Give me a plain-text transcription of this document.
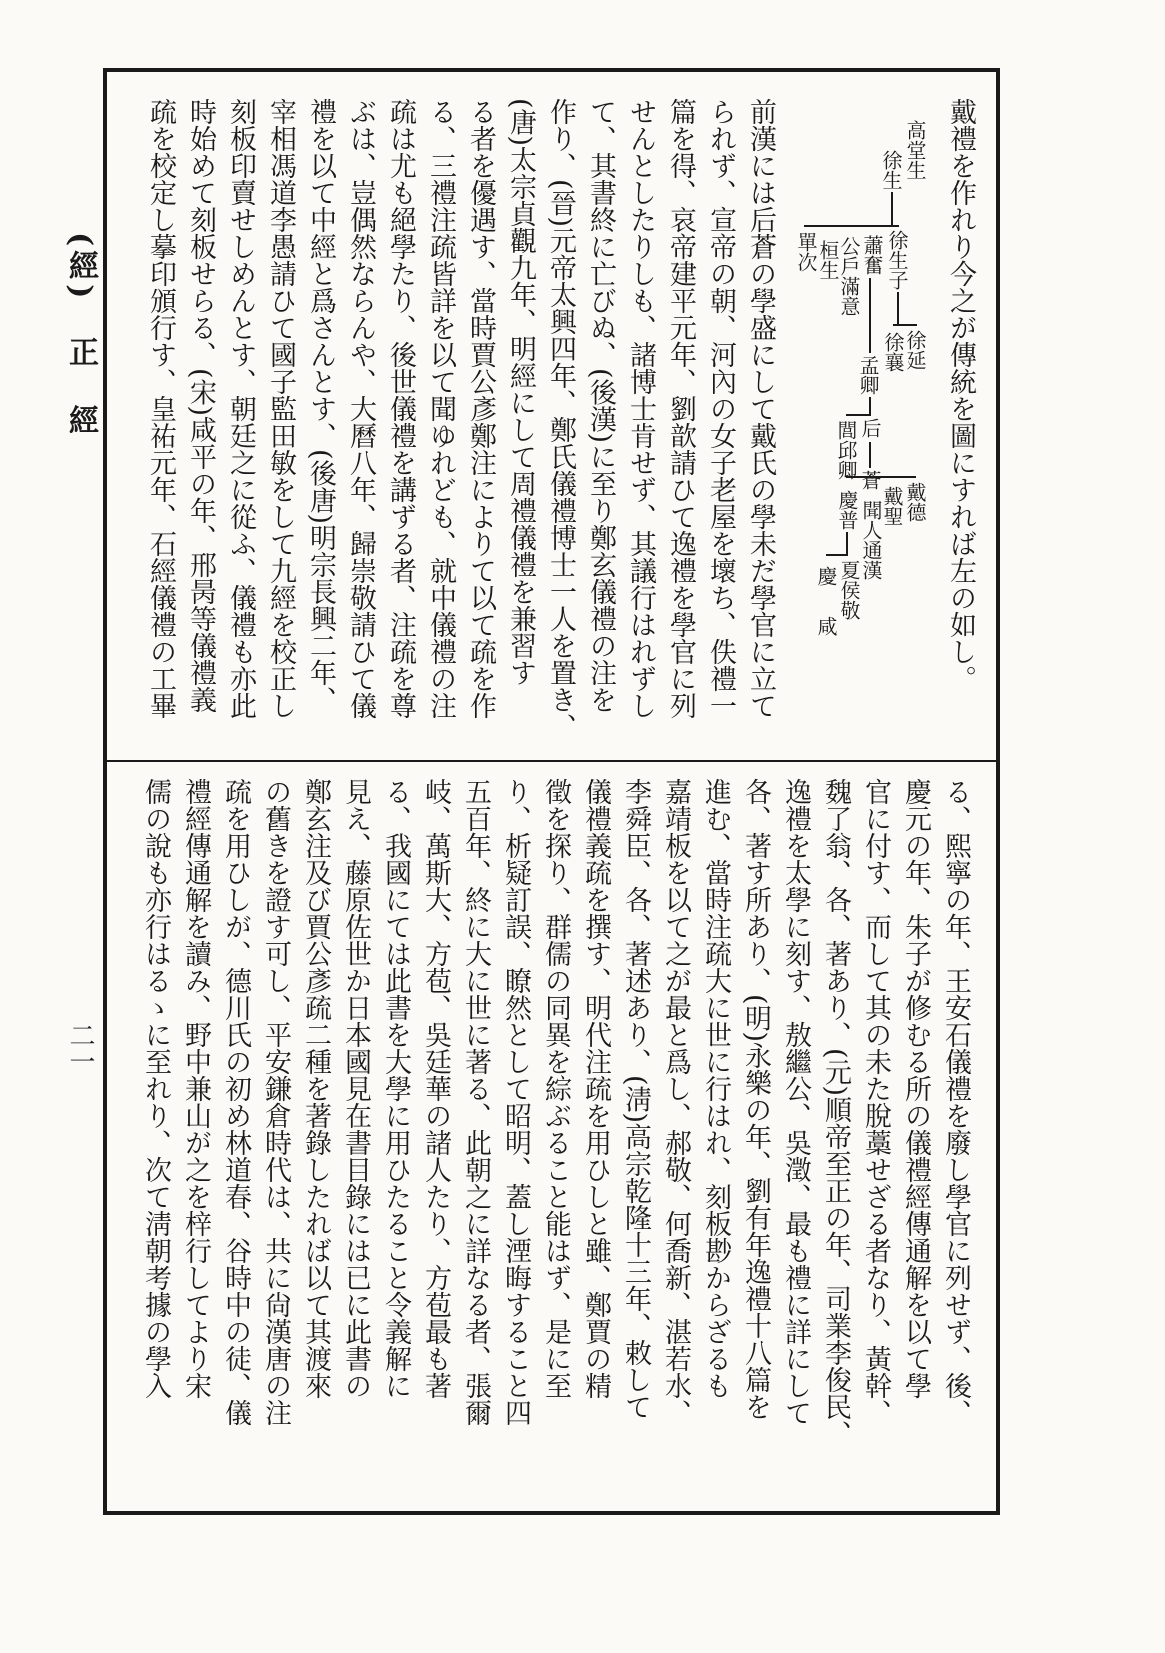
(經)　正　經
二一
戴禮を作れり今之が傳統を圖にすれば左の如し。
高堂生
徐生
徐生子
蕭奮
公戶滿意
桓生
單次
徐延
徐襄
孟卿
后蒼
閭邱卿
戴德
戴聖
聞人通漢
慶普
夏侯敬
慶咸
前漢には后蒼の學盛にして戴氏の學未だ學官に立て
られず、宣帝の朝、河內の女子老屋を壞ち、佚禮一
篇を得、哀帝建平元年、劉歆請ひて逸禮を學官に列
せんとしたりしも、諸博士肯せず、其議行はれずし
て、其書終に亡びぬ、(後漢)に至り鄭玄儀禮の注を
作り、(晉)元帝太興四年、鄭氏儀禮博士一人を置き、
(唐)太宗貞觀九年、明經にして周禮儀禮を兼習す
る者を優遇す、當時賈公彥鄭注によりて以て疏を作
る、三禮注疏皆詳を以て聞ゆれども、就中儀禮の注
疏は尤も絕學たり、後世儀禮を講ずる者、注疏を尊
ぶは、豈偶然ならんや、大曆八年、歸崇敬請ひて儀
禮を以て中經と爲さんとす、(後唐)明宗長興二年、
宰相馮道李愚請ひて國子監田敏をして九經を校正し
刻板印賣せしめんとす、朝廷之に從ふ、儀禮も亦此
時始めて刻板せらる、(宋)咸平の年、邢昺等儀禮義
疏を校定し摹印頒行す、皇祐元年、石經儀禮の工畢
る、熙寧の年、王安石儀禮を廢し學官に列せず、後、
慶元の年、朱子が修むる所の儀禮經傳通解を以て學
官に付す、而して其の未た脫藁せざる者なり、黃幹、
魏了翁、各、著あり、(元)順帝至正の年、司業李俊民、
逸禮を太學に刻す、敖繼公、吳澂、最も禮に詳にして
各、著す所あり、(明)永樂の年、劉有年逸禮十八篇を
進む、當時注疏大に世に行はれ、刻板尠からざるも
嘉靖板を以て之が最と爲し、郝敬、何喬新、湛若水、
李舜臣、各、著述あり、(淸)高宗乾隆十三年、敕して
儀禮義疏を撰す、明代注疏を用ひしと雖、鄭賈の精
徵を探り、群儒の同異を綜ぶること能はず、是に至
り、析疑訂誤、瞭然として昭明、蓋し湮晦すること四
五百年、終に大に世に著る、此朝之に詳なる者、張爾
岐、萬斯大、方苞、吳廷華の諸人たり、方苞最も著
る、我國にては此書を大學に用ひたること令義解に
見え、藤原佐世か日本國見在書目錄には已に此書の
鄭玄注及び賈公彥疏二種を著錄したれば以て其渡來
の舊きを證す可し、平安鎌倉時代は、共に尙漢唐の注
疏を用ひしが、德川氏の初め林道春、谷時中の徒、儀
禮經傳通解を讀み、野中兼山が之を梓行してより宋
儒の說も亦行はるゝに至れり、次て淸朝考據の學入
